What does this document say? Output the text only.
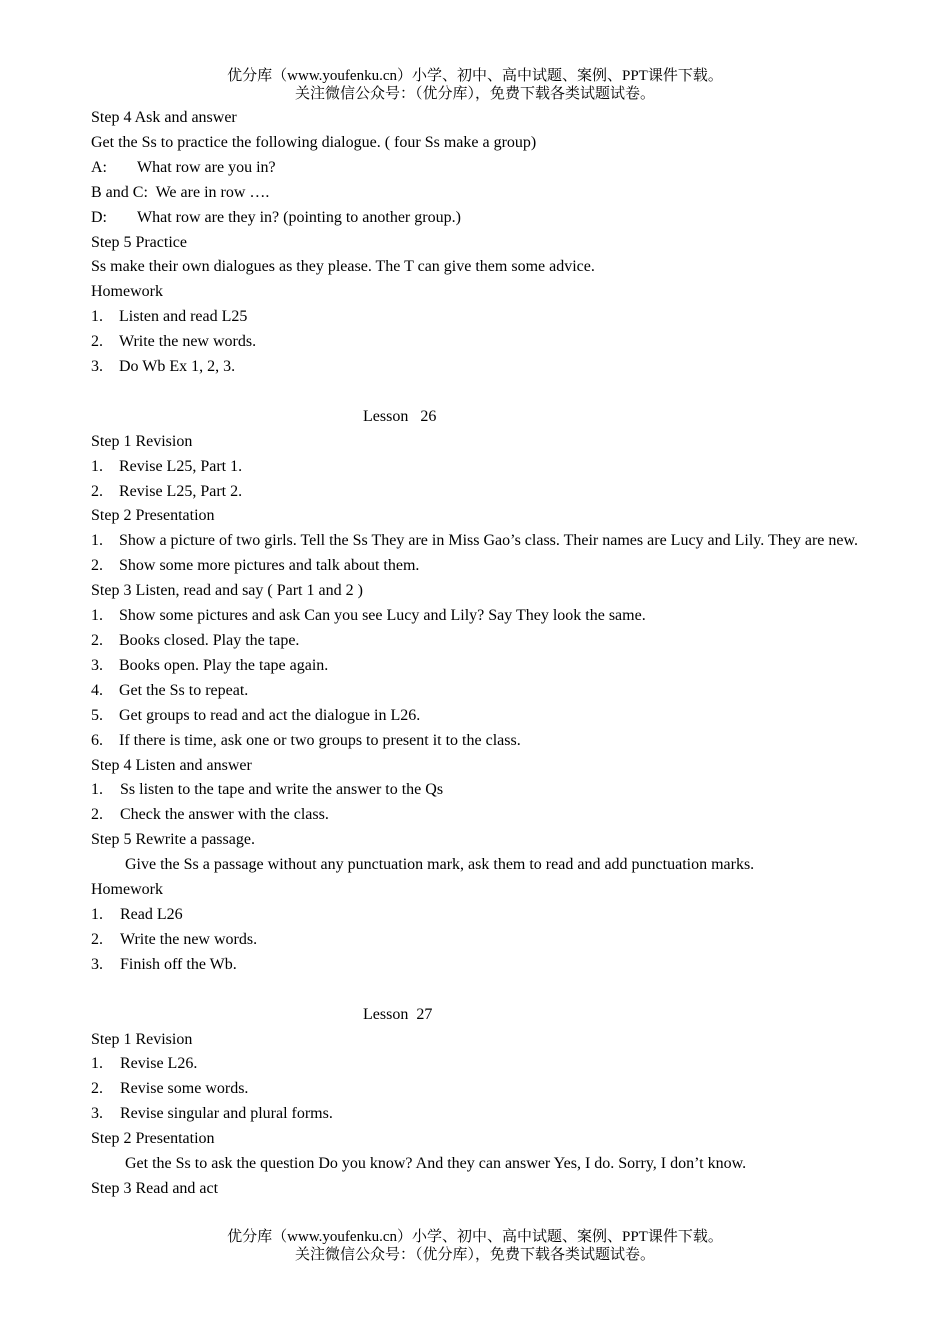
优分库（www.youfenku.cn）小学、初中、高中试题、案例、PPT课件下载。
关注微信公众号：（优分库），免费下载各类试题试卷。
Step 4 Ask and answer
Get the Ss to practice the following dialogue. ( four Ss make a group)
A: What row are you in?
B and C: We are in row ….
D: What row are they in? (pointing to another group.)
Step 5 Practice
Ss make their own dialogues as they please. The T can give them some advice.
Homework
1.	Listen and read L25
2.	Write the new words.
3.	Do Wb Ex 1, 2, 3.
Lesson   26
Step 1 Revision
1.	Revise L25, Part 1.
2.	Revise L25, Part 2.
Step 2 Presentation
1.	Show a picture of two girls. Tell the Ss They are in Miss Gao’s class. Their names are Lucy and Lily. They are new.
2.	Show some more pictures and talk about them.
Step 3 Listen, read and say ( Part 1 and 2 )
1.	Show some pictures and ask Can you see Lucy and Lily? Say They look the same.
2.	Books closed. Play the tape.
3.	Books open. Play the tape again.
4.	Get the Ss to repeat.
5.	Get groups to read and act the dialogue in L26.
6.	If there is time, ask one or two groups to present it to the class.
Step 4 Listen and answer
1.	Ss listen to the tape and write the answer to the Qs
2.	Check the answer with the class.
Step 5 Rewrite a passage.
Give the Ss a passage without any punctuation mark, ask them to read and add punctuation marks.
Homework
1.	Read L26
2.	Write the new words.
3.	Finish off the Wb.
Lesson  27
Step 1 Revision
1.	Revise L26.
2.	Revise some words.
3.	Revise singular and plural forms.
Step 2 Presentation
Get the Ss to ask the question Do you know? And they can answer Yes, I do. Sorry, I don’t know.
Step 3 Read and act
优分库（www.youfenku.cn）小学、初中、高中试题、案例、PPT课件下载。
关注微信公众号：（优分库），免费下载各类试题试卷。
